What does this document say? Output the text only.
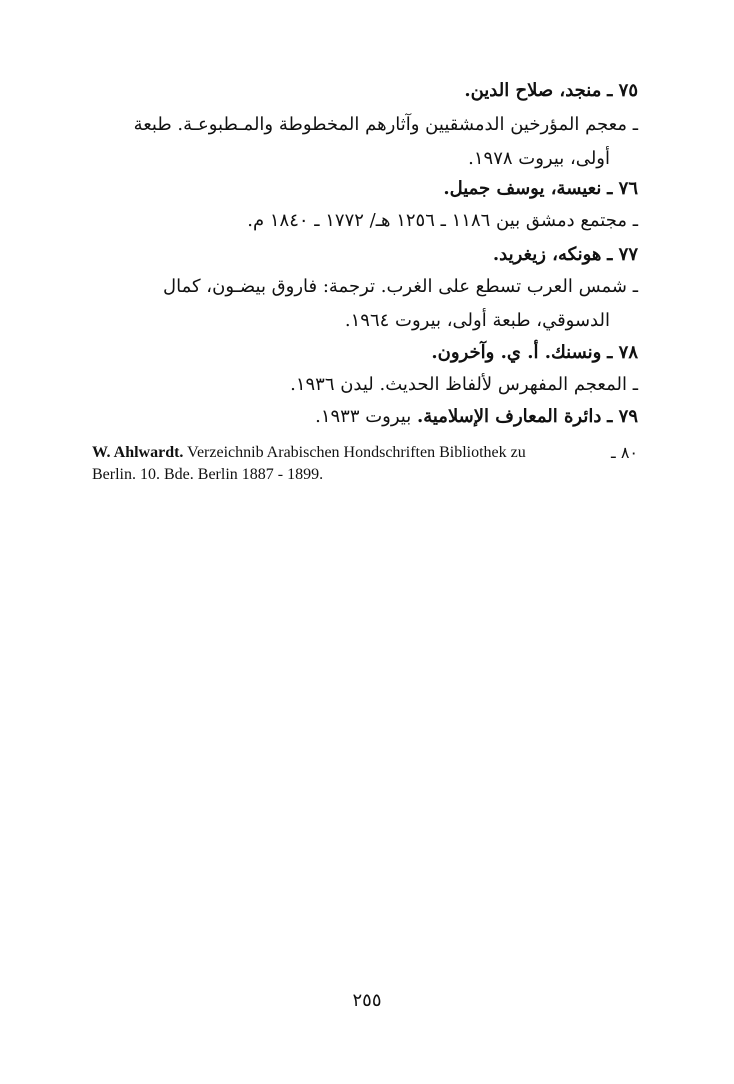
٧٥ ـ منجد، صلاح الدين.
ـ معجم المؤرخين الدمشقيين وآثارهم المخطوطة والمـطبوعـة. طبعة
أولى، بيروت ١٩٧٨.
٧٦ ـ نعيسة، يوسف جميل.
ـ مجتمع دمشق بين ١١٨٦ ـ ١٢٥٦ هـ/ ١٧٧٢ ـ ١٨٤٠ م.
٧٧ ـ هونكه، زيغريد.
ـ شمس العرب تسطع على الغرب. ترجمة: فاروق بيضـون، كمال
الدسوقي، طبعة أولى، بيروت ١٩٦٤.
٧٨ ـ ونسنك. أ. ي. وآخرون.
ـ المعجم المفهرس لألفاظ الحديث. ليدن ١٩٣٦.
٧٩ ـ دائرة المعارف الإسلامية. بيروت ١٩٣٣.
٨٠ ـ
W. Ahlwardt. Verzeichnib Arabischen Hondschriften Bibliothek zu
Berlin. 10. Bde. Berlin 1887 - 1899.
٢٥٥
